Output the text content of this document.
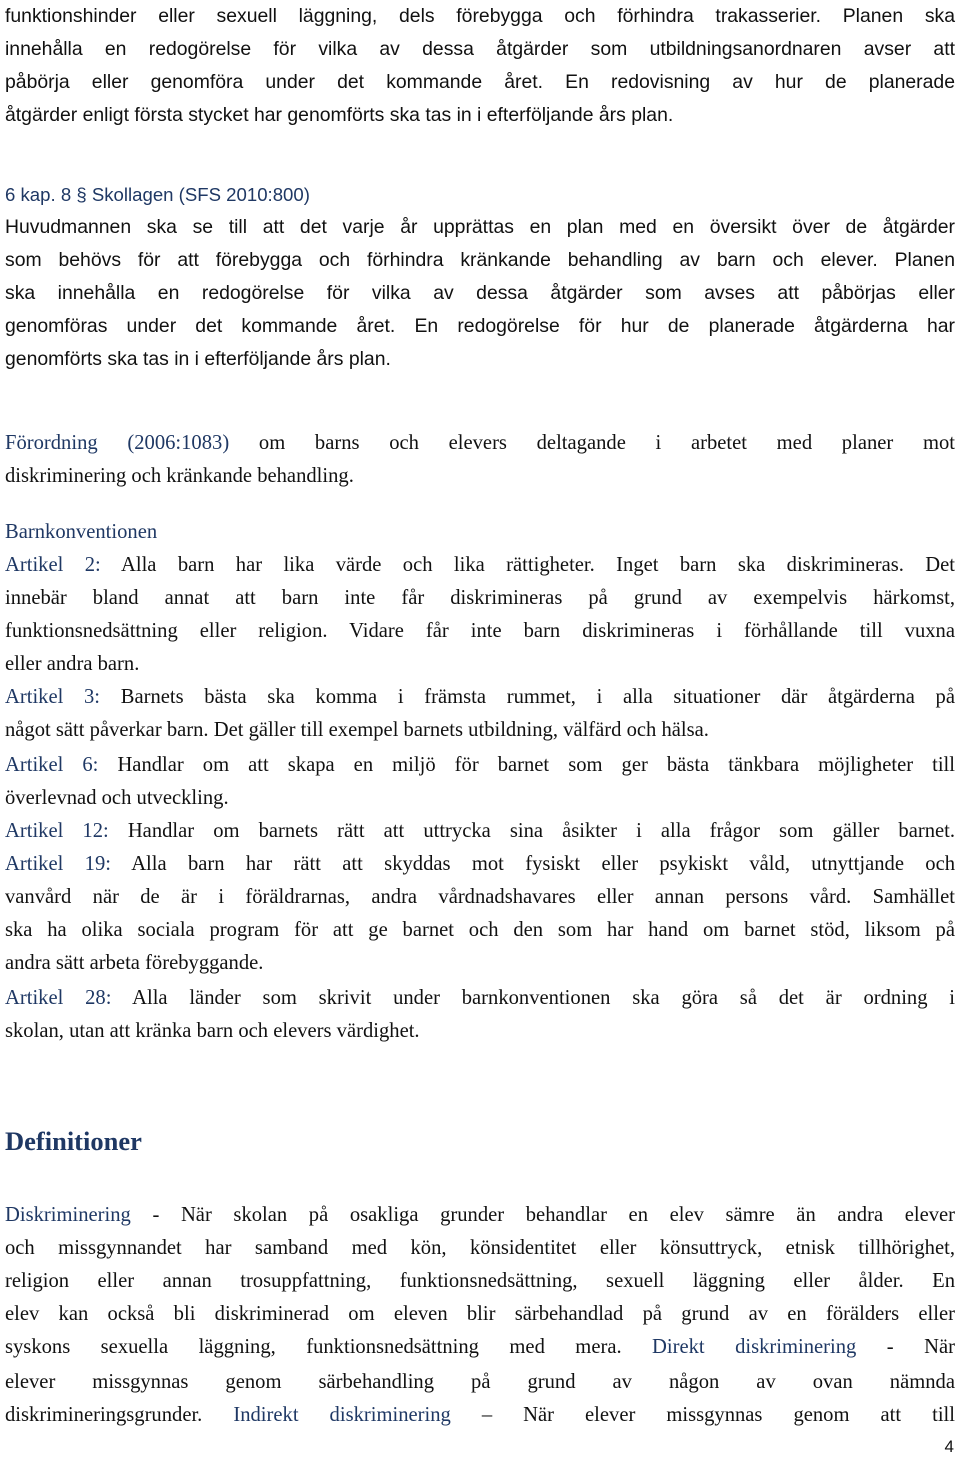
funktionshinder eller sexuell läggning, dels förebygga och förhindra trakasserier. Planen ska
innehålla en redogörelse för vilka av dessa åtgärder som utbildningsanordnaren avser att
påbörja eller genomföra under det kommande året. En redovisning av hur de planerade
åtgärder enligt första stycket har genomförts ska tas in i efterföljande års plan.
6 kap. 8 § Skollagen (SFS 2010:800)
Huvudmannen ska se till att det varje år upprättas en plan med en översikt över de åtgärder
som behövs för att förebygga och förhindra kränkande behandling av barn och elever. Planen
ska innehålla en redogörelse för vilka av dessa åtgärder som avses att påbörjas eller
genomföras under det kommande året. En redogörelse för hur de planerade åtgärderna har
genomförts ska tas in i efterföljande års plan.
Förordning (2006:1083) om barns och elevers deltagande i arbetet med planer mot
diskriminering och kränkande behandling.
Barnkonventionen
Artikel 2: Alla barn har lika värde och lika rättigheter. Inget barn ska diskrimineras. Det
innebär bland annat att barn inte får diskrimineras på grund av exempelvis härkomst,
funktionsnedsättning eller religion. Vidare får inte barn diskrimineras i förhållande till vuxna
eller andra barn.
Artikel 3: Barnets bästa ska komma i främsta rummet, i alla situationer där åtgärderna på
något sätt påverkar barn. Det gäller till exempel barnets utbildning, välfärd och hälsa.
Artikel 6: Handlar om att skapa en miljö för barnet som ger bästa tänkbara möjligheter till
överlevnad och utveckling.
Artikel 12: Handlar om barnets rätt att uttrycka sina åsikter i alla frågor som gäller barnet.
Artikel 19: Alla barn har rätt att skyddas mot fysiskt eller psykiskt våld, utnyttjande och
vanvård när de är i föräldrarnas, andra vårdnadshavares eller annan persons vård. Samhället
ska ha olika sociala program för att ge barnet och den som har hand om barnet stöd, liksom på
andra sätt arbeta förebyggande.
Artikel 28: Alla länder som skrivit under barnkonventionen ska göra så det är ordning i
skolan, utan att kränka barn och elevers värdighet.
Definitioner
Diskriminering - När skolan på osakliga grunder behandlar en elev sämre än andra elever
och missgynnandet har samband med kön, könsidentitet eller könsuttryck, etnisk tillhörighet,
religion eller annan trosuppfattning, funktionsnedsättning, sexuell läggning eller ålder. En
elev kan också bli diskriminerad om eleven blir särbehandlad på grund av en förälders eller
syskons sexuella läggning, funktionsnedsättning med mera. Direkt diskriminering - När
elever missgynnas genom särbehandling på grund av någon av ovan nämnda
diskrimineringsgrunder. Indirekt diskriminering – När elever missgynnas genom att till
4
